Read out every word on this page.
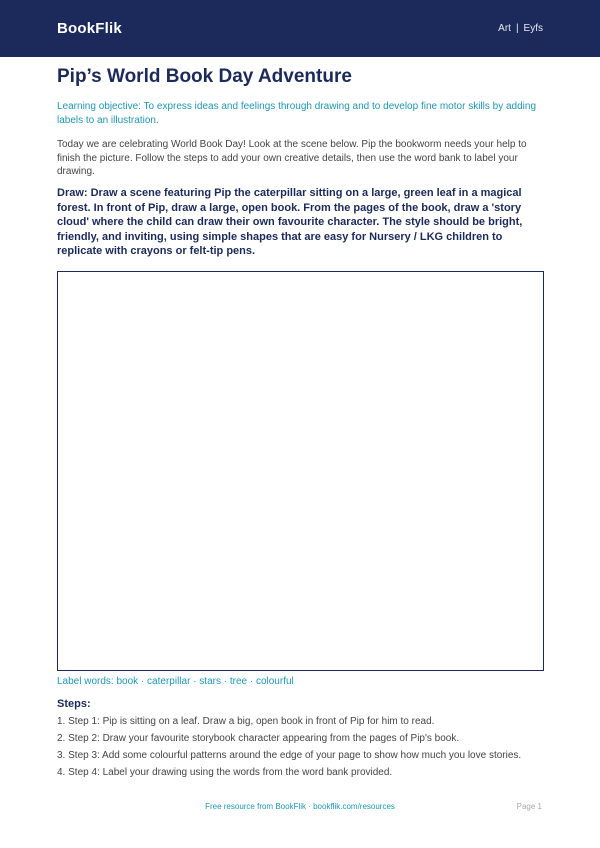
BookFlik	Art | Eyfs
Pip’s World Book Day Adventure

Learning objective: To express ideas and feelings through drawing and to develop fine motor skills by adding labels to an illustration.

Today we are celebrating World Book Day! Look at the scene below. Pip the bookworm needs your help to finish the picture. Follow the steps to add your own creative details, then use the word bank to label your drawing.

Draw: Draw a scene featuring Pip the caterpillar sitting on a large, green leaf in a magical forest. In front of Pip, draw a large, open book. From the pages of the book, draw a 'story cloud' where the child can draw their own favourite character. The style should be bright, friendly, and inviting, using simple shapes that are easy for Nursery / LKG children to replicate with crayons or felt-tip pens.

Label words: book · caterpillar · stars · tree · colourful

Steps:
1. Step 1: Pip is sitting on a leaf. Draw a big, open book in front of Pip for him to read.
2. Step 2: Draw your favourite storybook character appearing from the pages of Pip's book.
3. Step 3: Add some colourful patterns around the edge of your page to show how much you love stories.
4. Step 4: Label your drawing using the words from the word bank provided.
Free resource from BookFlik · bookflik.com/resources	Page 1
